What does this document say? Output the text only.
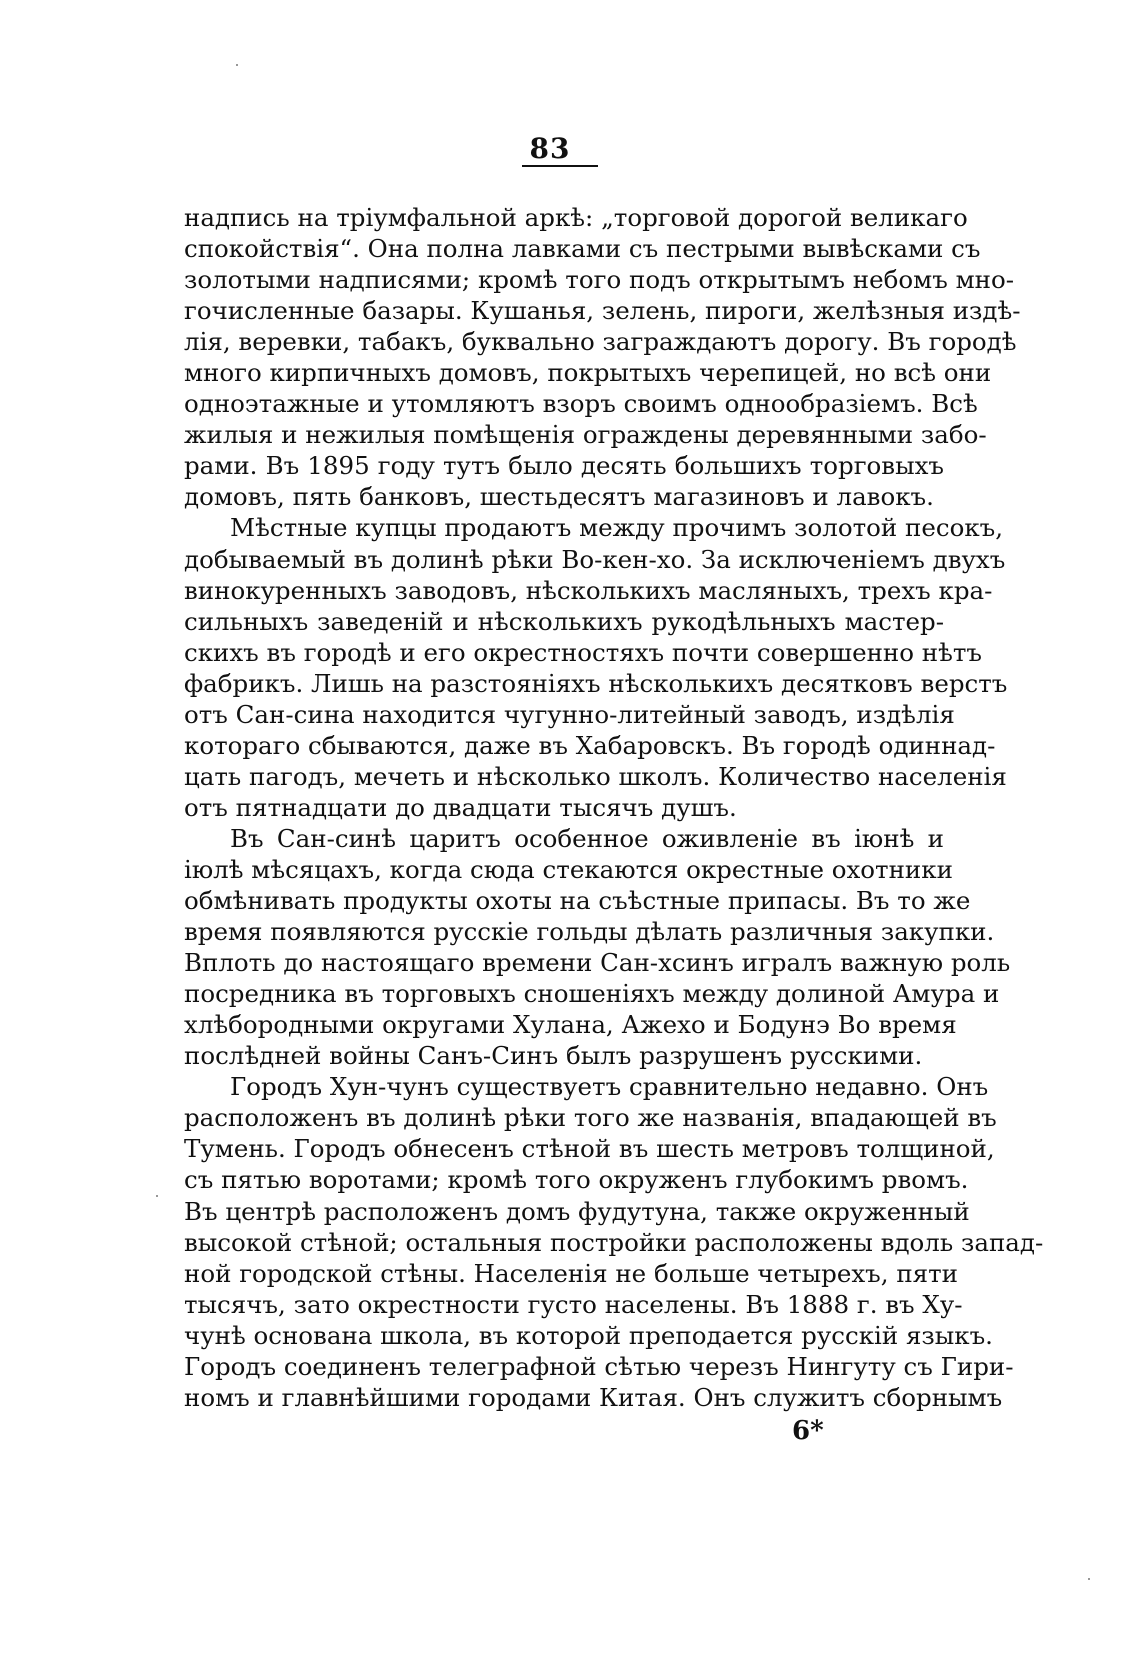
83
надпись на тріумфальной аркѣ: „торговой дорогой великаго
спокойствія“. Она полна лавками съ пестрыми вывѣсками съ
золотыми надписями; кромѣ того подъ открытымъ небомъ мно-
гочисленные базары. Кушанья, зелень, пироги, желѣзныя издѣ-
лія, веревки, табакъ, буквально заграждаютъ дорогу. Въ городѣ
много кирпичныхъ домовъ, покрытыхъ черепицей, но всѣ они
одноэтажные и утомляютъ взоръ своимъ однообразіемъ. Всѣ
жилыя и нежилыя помѣщенія ограждены деревянными забо-
рами. Въ 1895 году тутъ было десять большихъ торговыхъ
домовъ, пять банковъ, шестьдесятъ магазиновъ и лавокъ.
Мѣстные купцы продаютъ между прочимъ золотой песокъ,
добываемый въ долинѣ рѣки Во-кен-хо. За исключеніемъ двухъ
винокуренныхъ заводовъ, нѣсколькихъ масляныхъ, трехъ кра-
сильныхъ заведеній и нѣсколькихъ рукодѣльныхъ мастер-
скихъ въ городѣ и его окрестностяхъ почти совершенно нѣтъ
фабрикъ. Лишь на разстояніяхъ нѣсколькихъ десятковъ верстъ
отъ Сан-сина находится чугунно-литейный заводъ, издѣлія
котораго сбываются, даже въ Хабаровскъ. Въ городѣ одиннад-
цать пагодъ, мечеть и нѣсколько школъ. Количество населенія
отъ пятнадцати до двадцати тысячъ душъ.
Въ Сан-синѣ царитъ особенное оживленіе въ іюнѣ и
іюлѣ мѣсяцахъ, когда сюда стекаются окрестные охотники
обмѣнивать продукты охоты на съѣстные припасы. Въ то же
время появляются русскіе гольды дѣлать различныя закупки.
Вплоть до настоящаго времени Сан-хсинъ игралъ важную роль
посредника въ торговыхъ сношеніяхъ между долиной Амура и
хлѣбородными округами Хулана, Ажехо и Бодунэ Во время
послѣдней войны Санъ-Синъ былъ разрушенъ русскими.
Городъ Хун-чунъ существуетъ сравнительно недавно. Онъ
расположенъ въ долинѣ рѣки того же названія, впадающей въ
Тумень. Городъ обнесенъ стѣной въ шесть метровъ толщиной,
съ пятью воротами; кромѣ того окруженъ глубокимъ рвомъ.
Въ центрѣ расположенъ домъ фудутуна, также окруженный
высокой стѣной; остальныя постройки расположены вдоль запад-
ной городской стѣны. Населенія не больше четырехъ, пяти
тысячъ, зато окрестности густо населены. Въ 1888 г. въ Ху-
чунѣ основана школа, въ которой преподается русскій языкъ.
Городъ соединенъ телеграфной сѣтью черезъ Нингуту съ Гири-
номъ и главнѣйшими городами Китая. Онъ служитъ сборнымъ
6*
